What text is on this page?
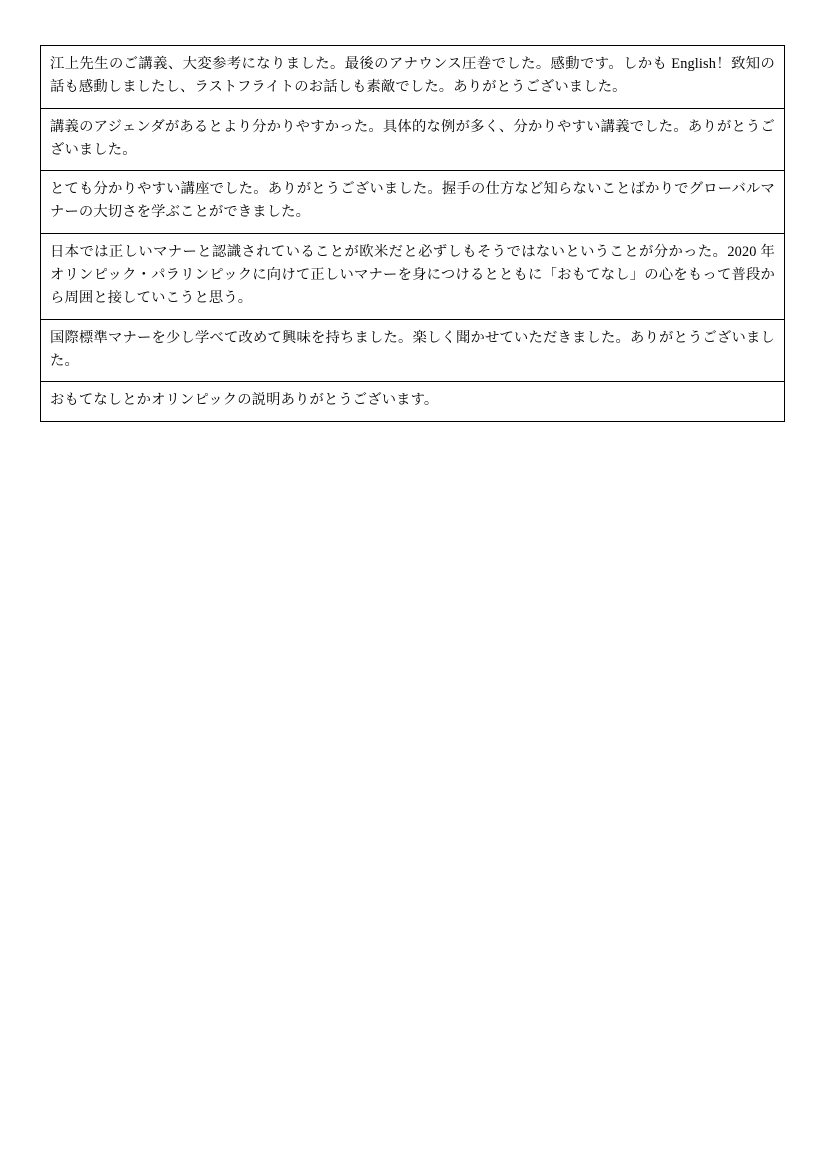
江上先生のご講義、大変参考になりました。最後のアナウンス圧巻でした。感動です。しかも English！致知の話も感動しましたし、ラストフライトのお話しも素敵でした。ありがとうございました。

講義のアジェンダがあるとより分かりやすかった。具体的な例が多く、分かりやすい講義でした。ありがとうございました。

とても分かりやすい講座でした。ありがとうございました。握手の仕方など知らないことばかりでグローバルマナーの大切さを学ぶことができました。

日本では正しいマナーと認識されていることが欧米だと必ずしもそうではないということが分かった。2020 年オリンピック・パラリンピックに向けて正しいマナーを身につけるとともに「おもてなし」の心をもって普段から周囲と接していこうと思う。

国際標準マナーを少し学べて改めて興味を持ちました。楽しく聞かせていただきました。ありがとうございました。

おもてなしとかオリンピックの説明ありがとうございます。
